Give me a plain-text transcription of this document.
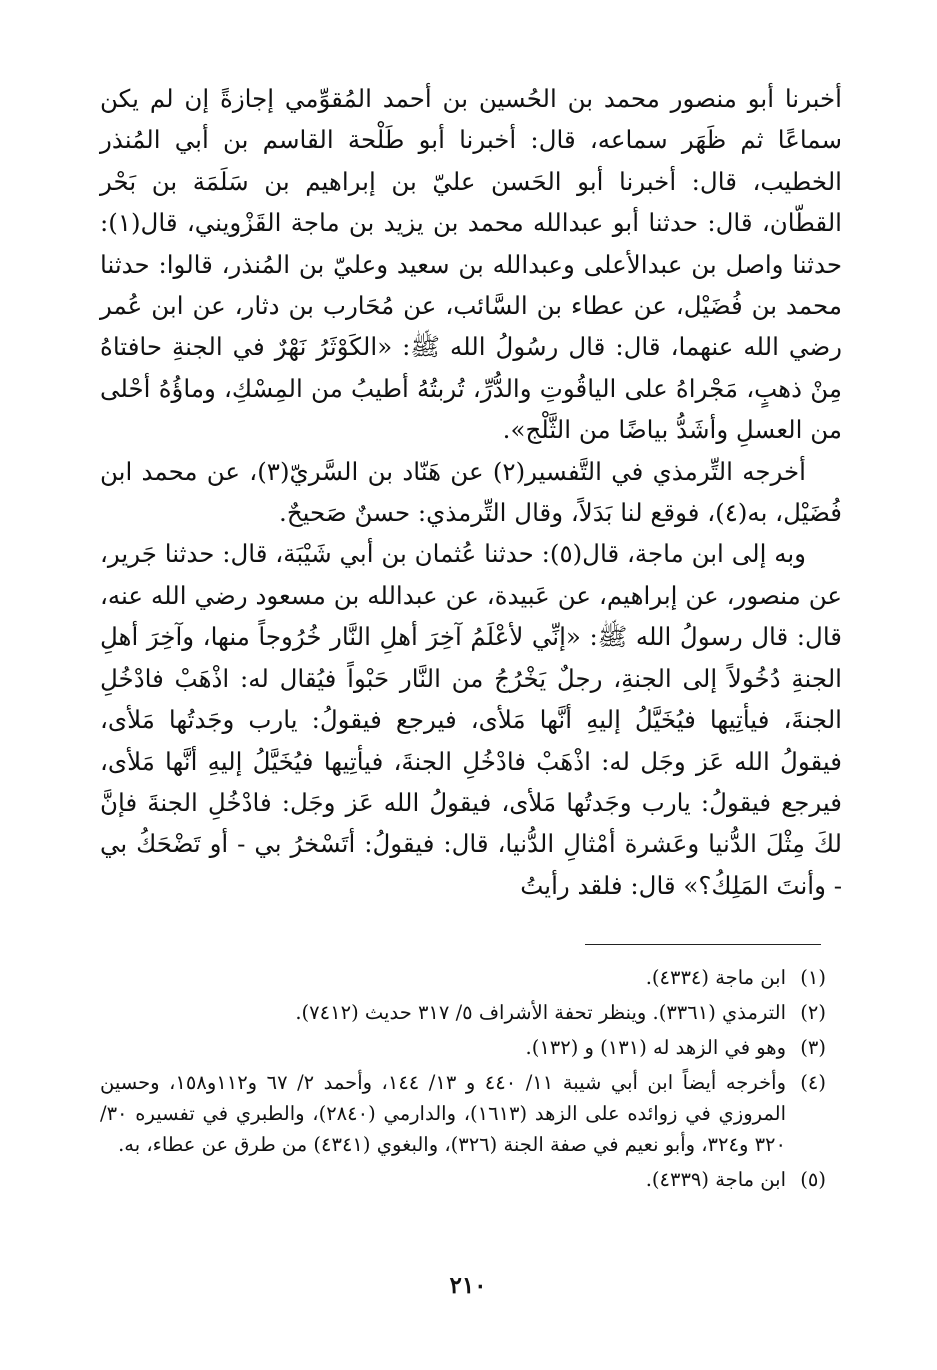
أخبرنا أبو منصور محمد بن الحُسين بن أحمد المُقوِّمي إجازةً إن لم يكن سماعًا ثم ظَهَر سماعه، قال: أخبرنا أبو طَلْحة القاسم بن أبي المُنذر الخطيب، قال: أخبرنا أبو الحَسن عليّ بن إبراهيم بن سَلَمَة بن بَحْر القطّان، قال: حدثنا أبو عبدالله محمد بن يزيد بن ماجة القَزْويني، قال(١): حدثنا واصل بن عبدالأعلى وعبدالله بن سعيد وعليّ بن المُنذر، قالوا: حدثنا محمد بن فُضَيْل، عن عطاء بن السَّائب، عن مُحَارب بن دثار، عن ابن عُمر رضي الله عنهما، قال: قال رسُولُ الله ﷺ: «الكَوْثَرُ نَهْرٌ في الجنةِ حافتاهُ مِنْ ذهبٍ، مَجْراهُ على الياقُوتِ والدُّرِّ، تُربتُهُ أطيبُ من المِسْكِ، وماؤُهُ أحْلى من العسلِ وأشَدُّ بياضًا من الثَّلْج».

أخرجه التِّرمذي في التَّفسير(٢) عن هَنّاد بن السَّريّ(٣)، عن محمد ابن فُضَيْل، به(٤)، فوقع لنا بَدَلاً، وقال التِّرمذي: حسنٌ صَحيحٌ.

وبه إلى ابن ماجة، قال(٥): حدثنا عُثمان بن أبي شَيْبَة، قال: حدثنا جَرير، عن منصور، عن إبراهيم، عن عَبيدة، عن عبدالله بن مسعود رضي الله عنه، قال: قال رسولُ الله ﷺ: «إنِّي لأعْلَمُ آخِرَ أهلِ النَّار خُرُوجاً منها، وآخِرَ أهلِ الجنةِ دُخُولاً إلى الجنةِ، رجلٌ يَخْرُجُ من النَّار حَبْواً فيُقال له: اذْهَبْ فادْخُلِ الجنةَ، فيأتِيها فيُخَيَّلُ إليهِ أنَّها مَلأى، فيرجع فيقولُ: يارب وجَدتُها مَلأى، فيقولُ الله عَز وجَل له: اذْهَبْ فادْخُلِ الجنةَ، فيأتِيها فيُخَيَّلُ إليهِ أنَّها مَلأى، فيرجع فيقولُ: يارب وجَدتُها مَلأى، فيقولُ الله عَز وجَل: فادْخُلِ الجنةَ فإنَّ لكَ مِثْلَ الدُّنيا وعَشرة أمْثالِ الدُّنيا، قال: فيقولُ: أتَسْخرُ بي - أو تَضْحَكُ بي - وأنتَ المَلِكُ؟» قال: فلقد رأيتُ

(١)
ابن ماجة (٤٣٣٤).
(٢)
الترمذي (٣٣٦١). وينظر تحفة الأشراف ٥/ ٣١٧ حديث (٧٤١٢).
(٣)
وهو في الزهد له (١٣١) و (١٣٢).
(٤)
وأخرجه أيضاً ابن أبي شيبة ١١/ ٤٤٠ و ١٣/ ١٤٤، وأحمد ٢/ ٦٧ و١١٢و١٥٨، وحسين المروزي في زوائده على الزهد (١٦١٣)، والدارمي (٢٨٤٠)، والطبري في تفسيره ٣٠/ ٣٢٠ و٣٢٤، وأبو نعيم في صفة الجنة (٣٢٦)، والبغوي (٤٣٤١) من طرق عن عطاء، به.
(٥)
ابن ماجة (٤٣٣٩).
٢١٠
